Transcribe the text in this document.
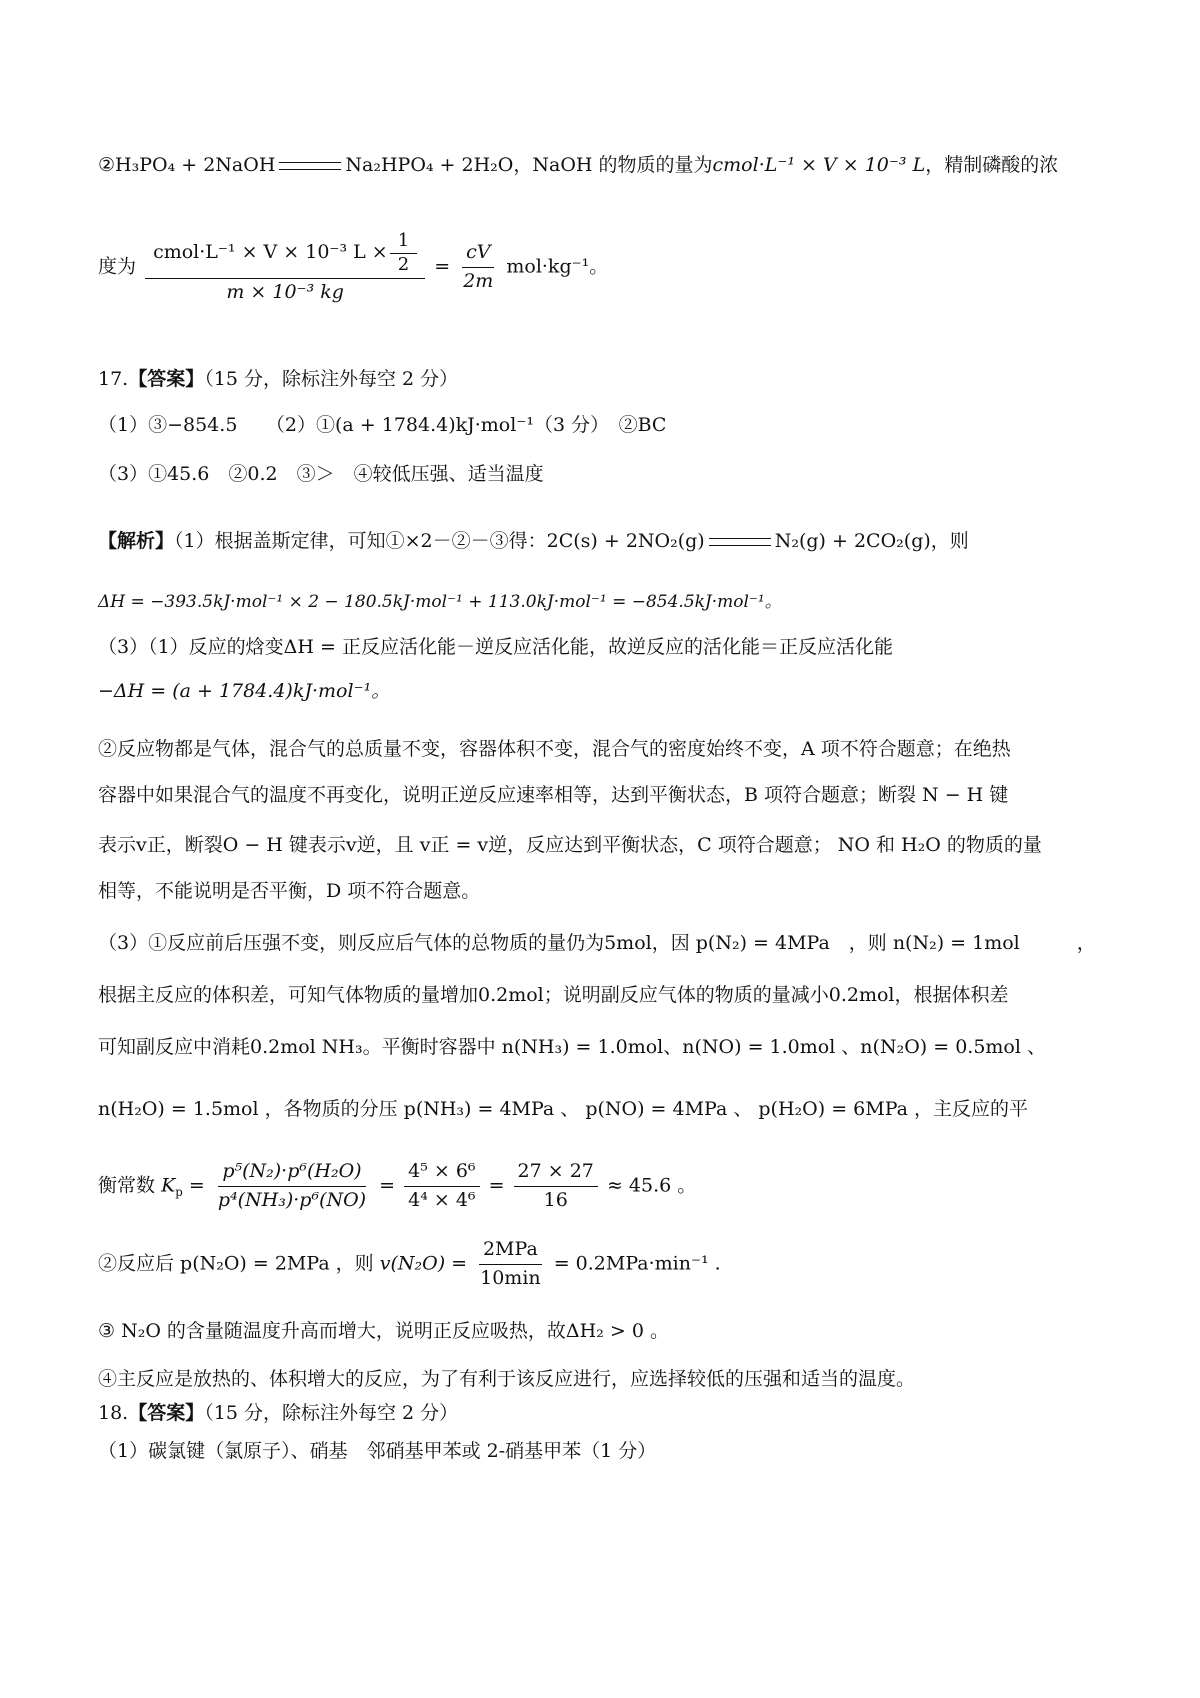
②H₃PO₄ + 2NaOH	Na₂HPO₄ + 2H₂O，NaOH 的物质的量为cmol·L⁻¹ × V × 10⁻³ L，精制磷酸的浓
度为 $\frac{cmol\cdot L^{-1} \times V \times 10^{-3} L \times \frac{1}{2}}{\text{m × 10⁻³ kg}} = \frac{cV}{2m} mol\cdot kg^{-1}$。
17.【答案】（15 分，除标注外每空 2 分）
（1）③−854.5　　（2）①(a + 1784.4)kJ·mol⁻¹（3 分）　②BC
（3）①45.6　②0.2　③＞　④较低压强、适当温度
【解析】（1）根据盖斯定律，可知①×2－②－③得：2C(s) + 2NO₂(g)	N₂(g) + 2CO₂(g)，则
ΔH = −393.5kJ·mol⁻¹ × 2 − 180.5kJ·mol⁻¹ + 113.0kJ·mol⁻¹ = −854.5kJ·mol⁻¹。
（3）（1）反应的焓变ΔH = 正反应活化能－逆反应活化能，故逆反应的活化能＝正反应活化能
−ΔH = (a + 1784.4)kJ·mol⁻¹。
②反应物都是气体，混合气的总质量不变，容器体积不变，混合气的密度始终不变，A 项不符合题意；在绝热
容器中如果混合气的温度不再变化，说明正逆反应速率相等，达到平衡状态，B 项符合题意；断裂 N − H 键
表示v正，断裂O − H 键表示v逆，且 v正 = v逆，反应达到平衡状态，C 项符合题意； NO 和 H₂O 的物质的量
相等，不能说明是否平衡，D 项不符合题意。
（3）①反应前后压强不变，则反应后气体的总物质的量仍为5mol，因 p(N₂) = 4MPa　，则 n(N₂) = 1mol　　　，
根据主反应的体积差，可知气体物质的量增加0.2mol；说明副反应气体的物质的量减小0.2mol，根据体积差
可知副反应中消耗0.2mol NH₃。平衡时容器中 n(NH₃) = 1.0mol、n(NO) = 1.0mol 、n(N₂O) = 0.5mol 、
n(H₂O) = 1.5mol ，各物质的分压 p(NH₃) = 4MPa 、 p(NO) = 4MPa 、 p(H₂O) = 6MPa ，主反应的平
衡常数 $K_p = \frac{\text{p⁵(N₂)·p⁶(H₂O)}}{\text{p⁴(NH₃)·p⁶(NO)}} = \frac{\text{4⁵ × 6⁶}}{\text{4⁴ × 4⁶}} = \frac{27 \times 27}{16} \approx 45.6$ 。
②反应后 p(N₂O) = 2MPa ，则 $v(N_2O) = \frac{\text{2MPa}}{10\min} = 0.2MPa\cdot\min^{-1}$ .
③ N₂O 的含量随温度升高而增大，说明正反应吸热，故ΔH₂ > 0 。
④主反应是放热的、体积增大的反应，为了有利于该反应进行，应选择较低的压强和适当的温度。
18.【答案】（15 分，除标注外每空 2 分）
（1）碳氯键（氯原子）、硝基　邻硝基甲苯或 2-硝基甲苯（1 分）
